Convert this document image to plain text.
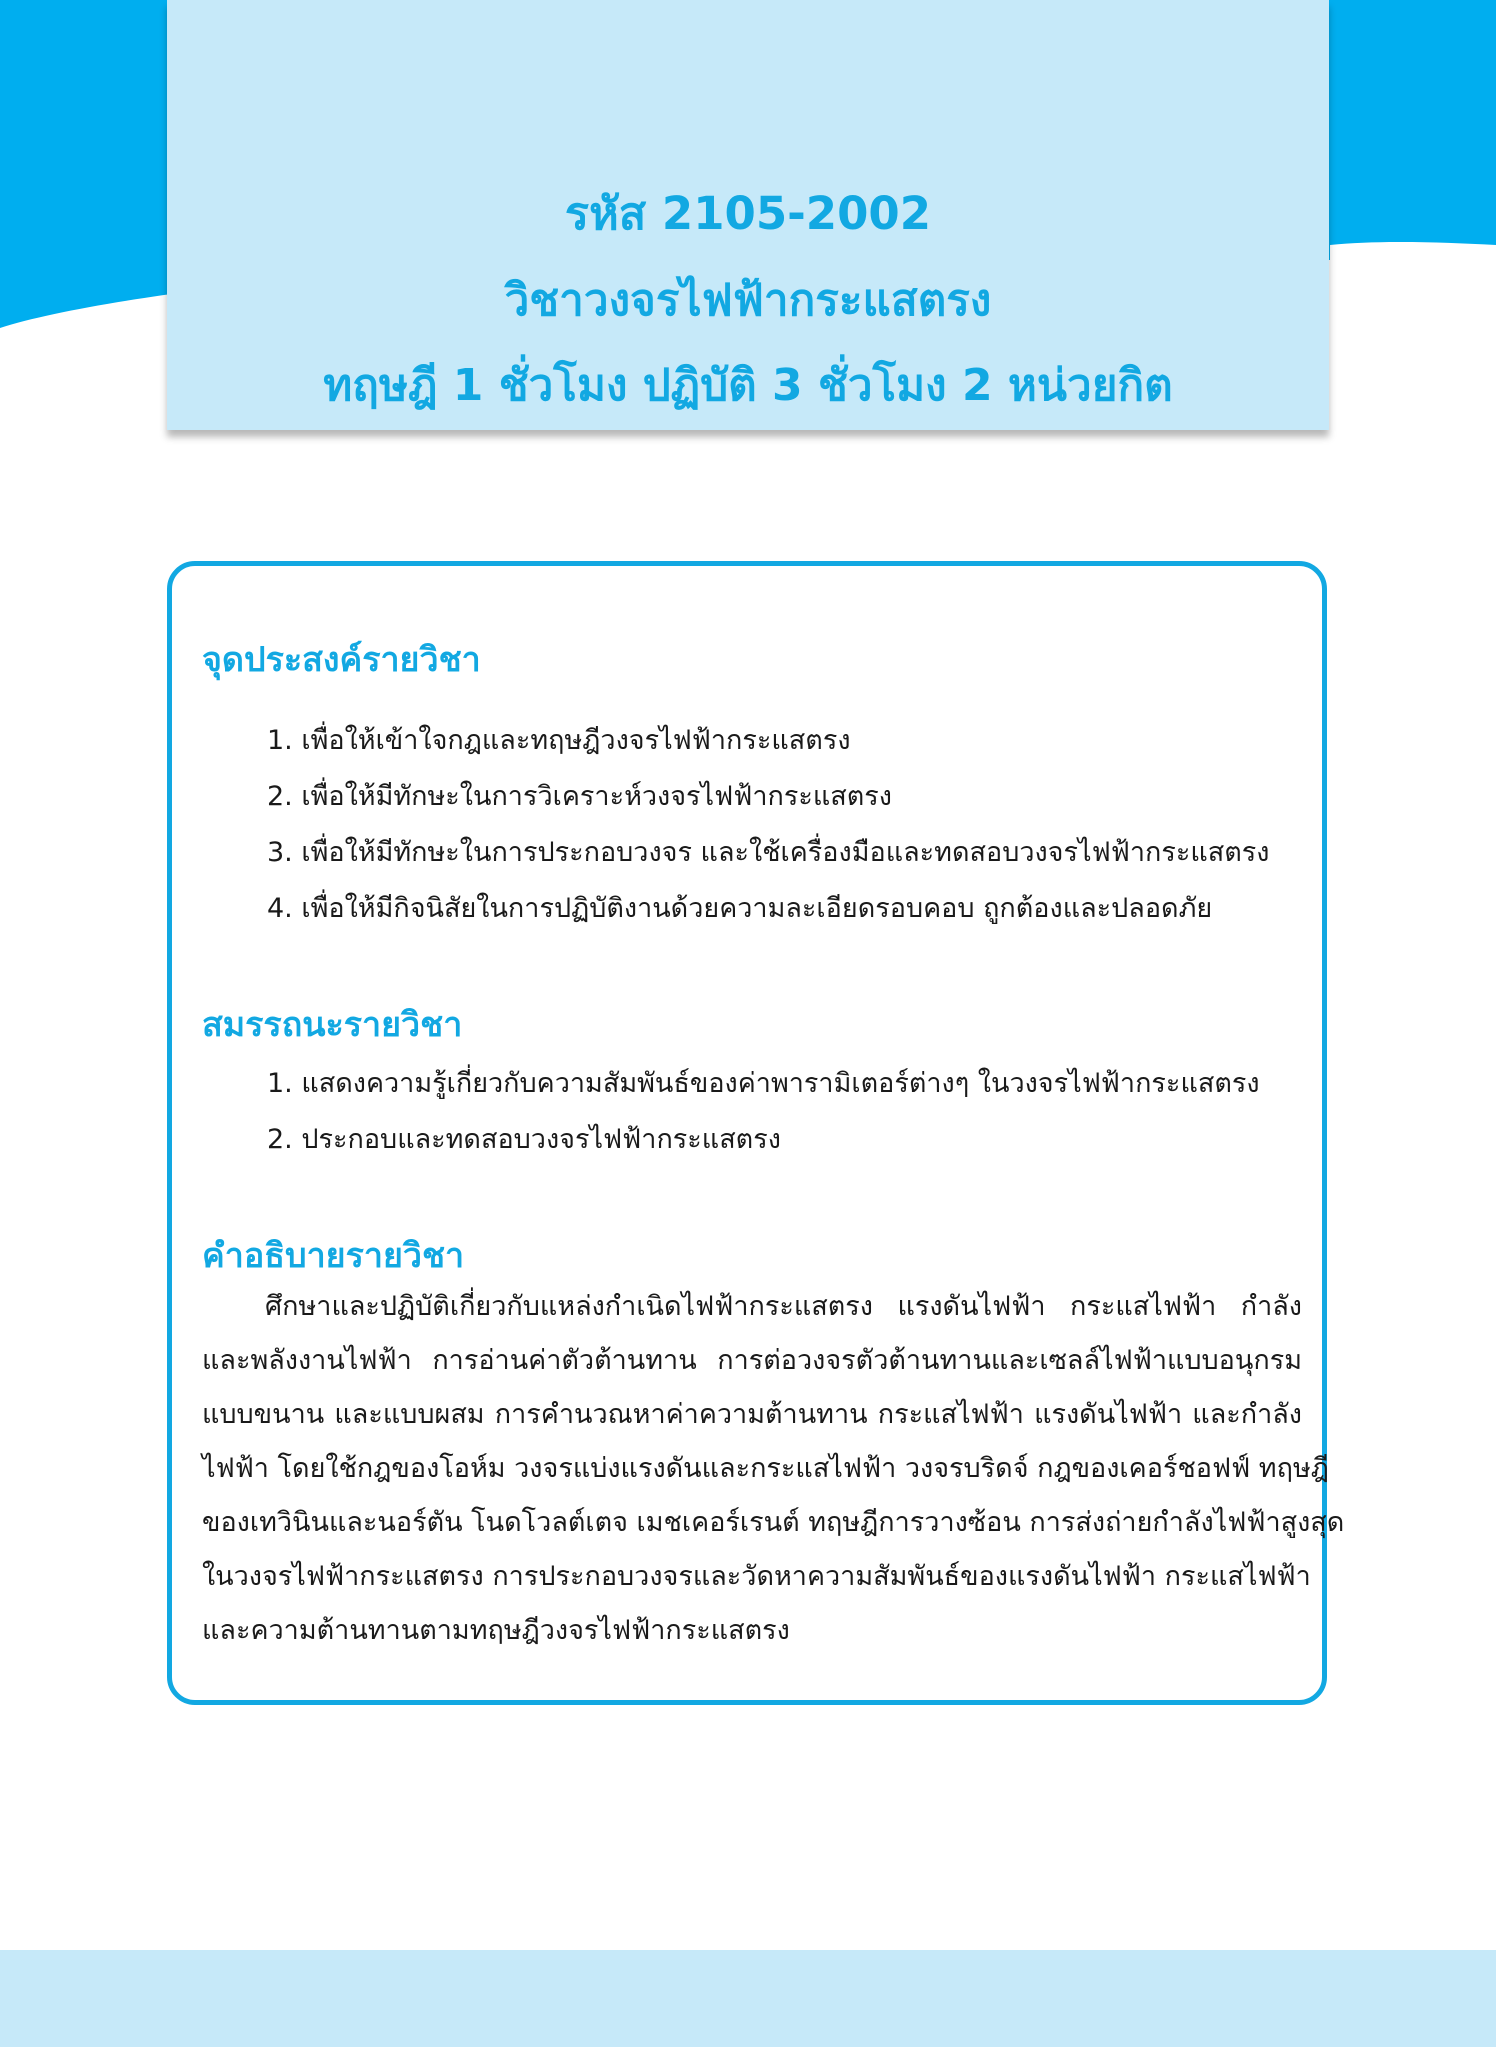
รหัส 2105-2002
วิชาวงจรไฟฟ้ากระแสตรง
ทฤษฎี 1 ชั่วโมง ปฏิบัติ 3 ชั่วโมง 2 หน่วยกิต
จุดประสงค์รายวิชา
1. เพื่อให้เข้าใจกฎและทฤษฎีวงจรไฟฟ้ากระแสตรง
2. เพื่อให้มีทักษะในการวิเคราะห์วงจรไฟฟ้ากระแสตรง
3. เพื่อให้มีทักษะในการประกอบวงจร และใช้เครื่องมือและทดสอบวงจรไฟฟ้ากระแสตรง
4. เพื่อให้มีกิจนิสัยในการปฏิบัติงานด้วยความละเอียดรอบคอบ ถูกต้องและปลอดภัย
สมรรถนะรายวิชา
1. แสดงความรู้เกี่ยวกับความสัมพันธ์ของค่าพารามิเตอร์ต่างๆ ในวงจรไฟฟ้ากระแสตรง
2. ประกอบและทดสอบวงจรไฟฟ้ากระแสตรง
คำอธิบายรายวิชา
ศึกษาและปฏิบัติเกี่ยวกับแหล่งกำเนิดไฟฟ้ากระแสตรง แรงดันไฟฟ้า กระแสไฟฟ้า กำลัง
และพลังงานไฟฟ้า การอ่านค่าตัวต้านทาน การต่อวงจรตัวต้านทานและเซลล์ไฟฟ้าแบบอนุกรม
แบบขนาน และแบบผสม การคำนวณหาค่าความต้านทาน กระแสไฟฟ้า แรงดันไฟฟ้า และกำลัง
ไฟฟ้า โดยใช้กฎของโอห์ม วงจรแบ่งแรงดันและกระแสไฟฟ้า วงจรบริดจ์ กฎของเคอร์ชอฟฟ์ ทฤษฎี
ของเทวินินและนอร์ตัน โนดโวลต์เตจ เมชเคอร์เรนต์ ทฤษฎีการวางซ้อน การส่งถ่ายกำลังไฟฟ้าสูงสุด
ในวงจรไฟฟ้ากระแสตรง การประกอบวงจรและวัดหาความสัมพันธ์ของแรงดันไฟฟ้า กระแสไฟฟ้า
และความต้านทานตามทฤษฎีวงจรไฟฟ้ากระแสตรง
